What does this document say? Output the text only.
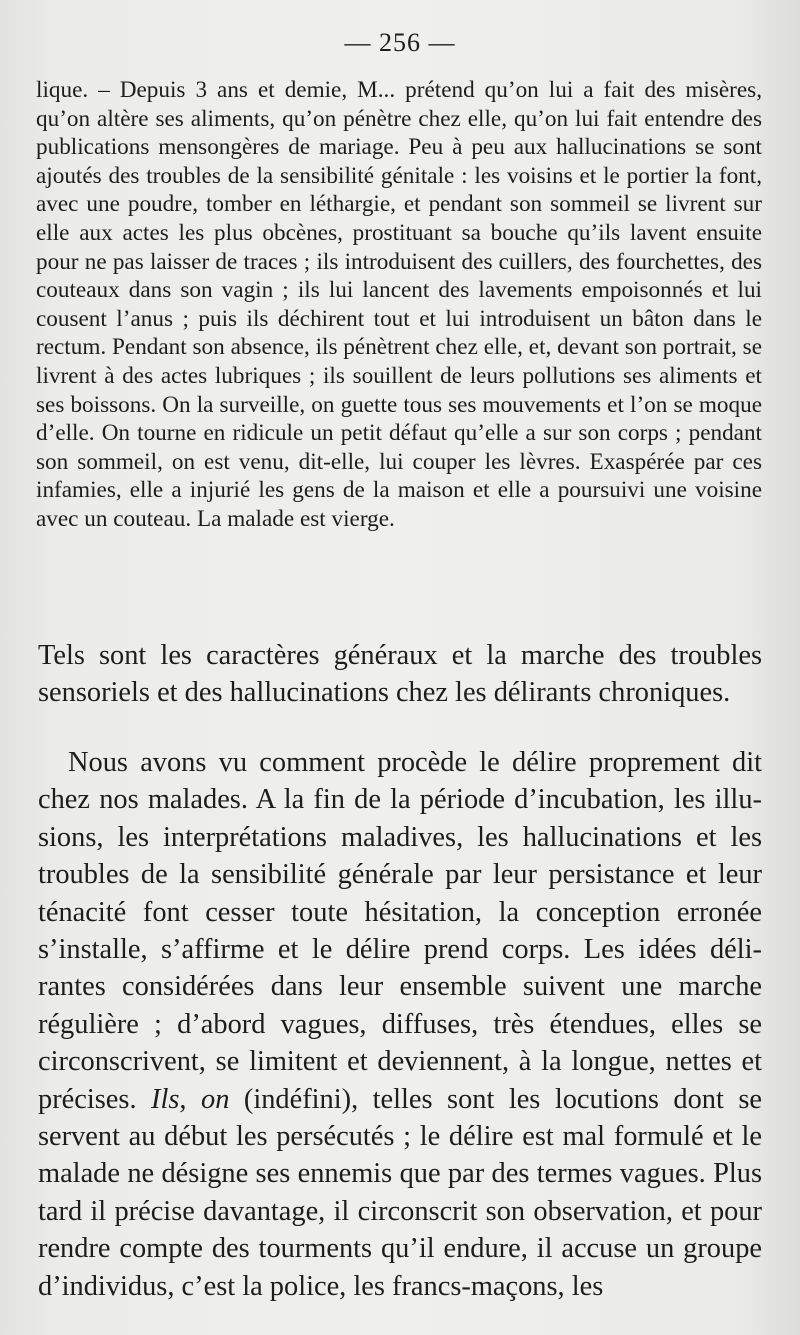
— 256 —
lique. – Depuis 3 ans et demie, M... prétend qu’on lui a fait des misères, qu’on altère ses aliments, qu’on pénètre chez elle, qu’on lui fait entendre des publications mensongères de mariage. Peu à peu aux hallucinations se sont ajoutés des troubles de la sensibilité génitale : les voisins et le portier la font, avec une poudre, tomber en léthargie, et pendant son sommeil se livrent sur elle aux actes les plus obcènes, prostituant sa bouche qu’ils lavent ensuite pour ne pas laisser de traces ; ils introduisent des cuillers, des fourchettes, des couteaux dans son vagin ; ils lui lancent des lavements empoisonnés et lui cousent l’anus ; puis ils déchirent tout et lui introduisent un bâton dans le rectum. Pendant son absence, ils pénètrent chez elle, et, devant son portrait, se livrent à des actes lubriques ; ils souillent de leurs pollutions ses aliments et ses boissons. On la surveille, on guette tous ses mouvements et l’on se moque d’elle. On tourne en ridicule un petit défaut qu’elle a sur son corps ; pendant son sommeil, on est venu, dit-elle, lui couper les lèvres. Exaspérée par ces infamies, elle a injurié les gens de la maison et elle a poursuivi une voisine avec un couteau. La malade est vierge.
Tels sont les caractères généraux et la marche des troubles sensoriels et des hallucinations chez les délirants chroniques.
Nous avons vu comment procède le délire proprement dit chez nos malades. A la fin de la période d’incubation, les illusions, les interprétations maladives, les hallucinations et les troubles de la sensibilité générale par leur persistance et leur ténacité font cesser toute hésitation, la conception erronée s’installe, s’affirme et le délire prend corps. Les idées délirantes considérées dans leur ensemble suivent une marche régulière ; d’abord vagues, diffuses, très étendues, elles se circonscrivent, se limitent et deviennent, à la longue, nettes et précises. Ils, on (indéfini), telles sont les locutions dont se servent au début les persécutés ; le délire est mal formulé et le malade ne désigne ses ennemis que par des termes vagues. Plus tard il précise davantage, il circonscrit son observation, et pour rendre compte des tourments qu’il endure, il accuse un groupe d’individus, c’est la police, les francs-maçons, les
